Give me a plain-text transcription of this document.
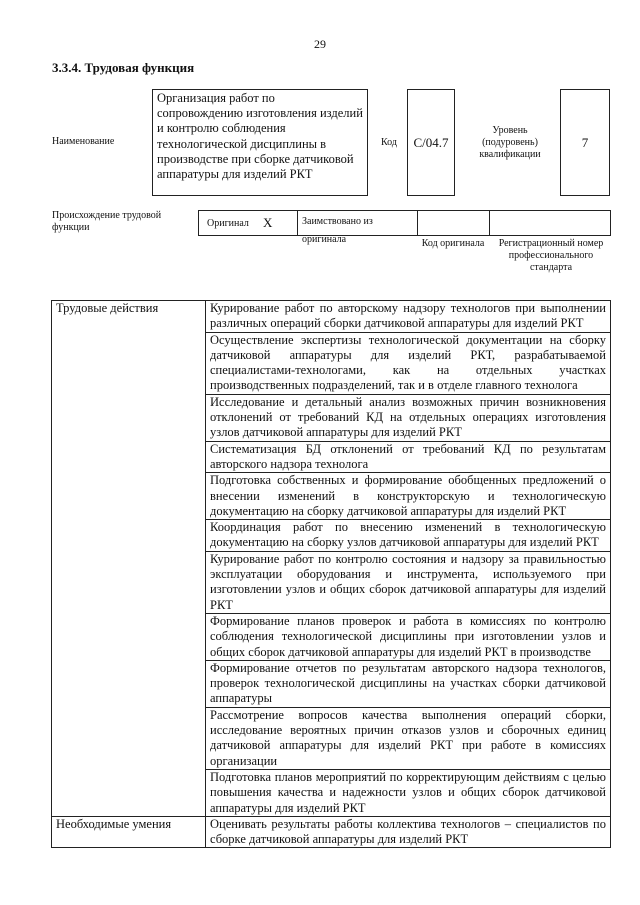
29
3.3.4. Трудовая функция
Наименование
Организация работ по сопровождению изготовления изделий и контролю соблюдения технологической дисциплины в производстве при сборке датчиковой аппаратуры для изделий РКТ
Код C/04.7
Уровень (подуровень) квалификации
7
Происхождение трудовой функции	Оригинал X	Заимствовано из оригинала	Код оригинала	Регистрационный номер профессионального стандарта
Трудовые действия	Курирование работ по авторскому надзору технологов при выполнении различных операций сборки датчиковой аппаратуры для изделий РКТ
	Осуществление экспертизы технологической документации на сборку датчиковой аппаратуры для изделий РКТ, разрабатываемой специалистами-технологами, как на отдельных участках производственных подразделений, так и в отделе главного технолога
	Исследование и детальный анализ возможных причин возникновения отклонений от требований КД на отдельных операциях изготовления узлов датчиковой аппаратуры для изделий РКТ
	Систематизация БД отклонений от требований КД по результатам авторского надзора технолога
	Подготовка собственных и формирование обобщенных предложений о внесении изменений в конструкторскую и технологическую документацию на сборку датчиковой аппаратуры для изделий РКТ
	Координация работ по внесению изменений в технологическую документацию на сборку узлов датчиковой аппаратуры для изделий РКТ
	Курирование работ по контролю состояния и надзору за правильностью эксплуатации оборудования и инструмента, используемого при изготовлении узлов и общих сборок датчиковой аппаратуры для изделий РКТ
	Формирование планов проверок и работа в комиссиях по контролю соблюдения технологической дисциплины при изготовлении узлов и общих сборок датчиковой аппаратуры для изделий РКТ в производстве
	Формирование отчетов по результатам авторского надзора технологов, проверок технологической дисциплины на участках сборки датчиковой аппаратуры
	Рассмотрение вопросов качества выполнения операций сборки, исследование вероятных причин отказов узлов и сборочных единиц датчиковой аппаратуры для изделий РКТ при работе в комиссиях организации
	Подготовка планов мероприятий по корректирующим действиям с целью повышения качества и надежности узлов и общих сборок датчиковой аппаратуры для изделий РКТ
Необходимые умения	Оценивать результаты работы коллектива технологов – специалистов по сборке датчиковой аппаратуры для изделий РКТ
